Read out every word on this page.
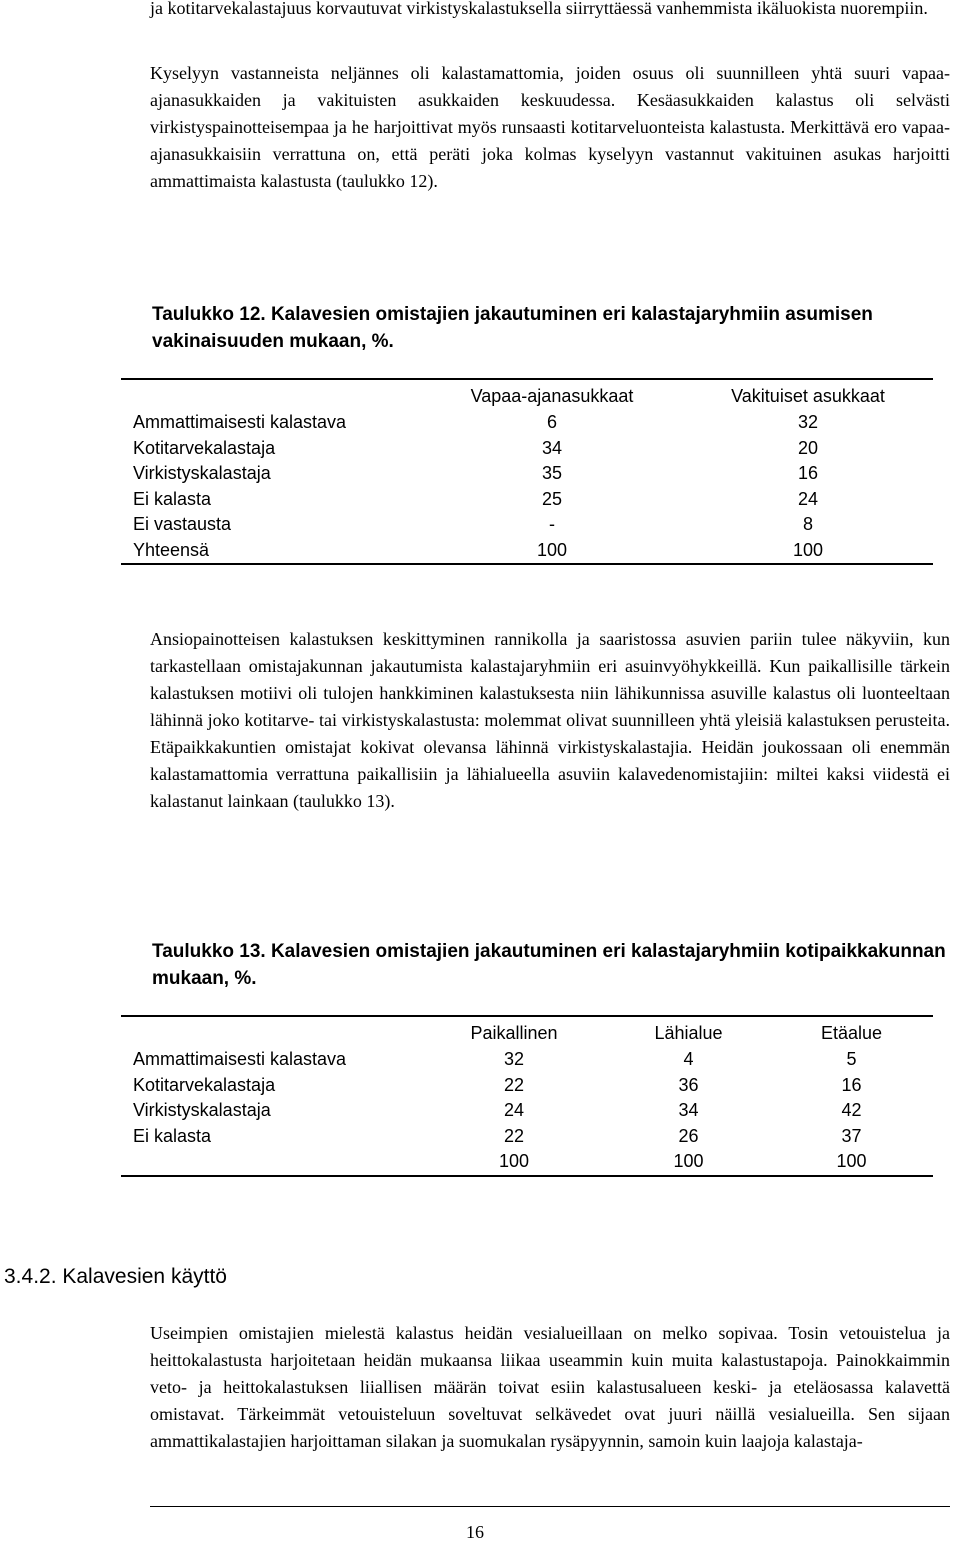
ja kotitarvekalastajuus korvautuvat virkistyskalastuksella siirryttäessä vanhemmista ikäluokista nuorempiin.

Kyselyyn vastanneista neljännes oli kalastamattomia, joiden osuus oli suunnilleen yhtä suuri vapaa-ajanasukkaiden ja vakituisten asukkaiden keskuudessa. Kesäasukkaiden kalastus oli selvästi virkistyspainotteisempaa ja he harjoittivat myös runsaasti kotitarveluonteista kalastusta. Merkittävä ero vapaa-ajanasukkaisiin verrattuna on, että peräti joka kolmas kyselyyn vastannut vakituinen asukas harjoitti ammattimaista kalastusta (taulukko 12).

Taulukko 12. Kalavesien omistajien jakautuminen eri kalastajaryhmiin asumisen vakinaisuuden mukaan, %.
	Vapaa-ajanasukkaat	Vakituiset asukkaat
Ammattimaisesti kalastava	6	32
Kotitarvekalastaja	34	20
Virkistyskalastaja	35	16
Ei kalasta	25	24
Ei vastausta	-	8
Yhteensä	100	100

Ansiopainotteisen kalastuksen keskittyminen rannikolla ja saaristossa asuvien pariin tulee näkyviin, kun tarkastellaan omistajakunnan jakautumista kalastajaryhmiin eri asuinvyöhykkeillä. Kun paikallisille tärkein kalastuksen motiivi oli tulojen hankkiminen kalastuksesta niin lähikunnissa asuville kalastus oli luonteeltaan lähinnä joko kotitarve- tai virkistyskalastusta: molemmat olivat suunnilleen yhtä yleisiä kalastuksen perusteita. Etäpaikkakuntien omistajat kokivat olevansa lähinnä virkistyskalastajia. Heidän joukossaan oli enemmän kalastamattomia verrattuna paikallisiin ja lähialueella asuviin kalavedenomistajiin: miltei kaksi viidestä ei kalastanut lainkaan (taulukko 13).

Taulukko 13. Kalavesien omistajien jakautuminen eri kalastajaryhmiin kotipaikkakunnan mukaan, %.
	Paikallinen	Lähialue	Etäalue
Ammattimaisesti kalastava	32	4	5
Kotitarvekalastaja	22	36	16
Virkistyskalastaja	24	34	42
Ei kalasta	22	26	37
	100	100	100
3.4.2. Kalavesien käyttö

Useimpien omistajien mielestä kalastus heidän vesialueillaan on melko sopivaa. Tosin vetouistelua ja heittokalastusta harjoitetaan heidän mukaansa liikaa useammin kuin muita kalastustapoja. Painokkaimmin veto- ja heittokalastuksen liiallisen määrän toivat esiin kalastusalueen keski- ja eteläosassa kalavettä omistavat. Tärkeimmät vetouisteluun soveltuvat selkävedet ovat juuri näillä vesialueilla. Sen sijaan ammattikalastajien harjoittaman silakan ja suomukalan rysäpyynnin, samoin kuin laajoja kalastaja-

16
